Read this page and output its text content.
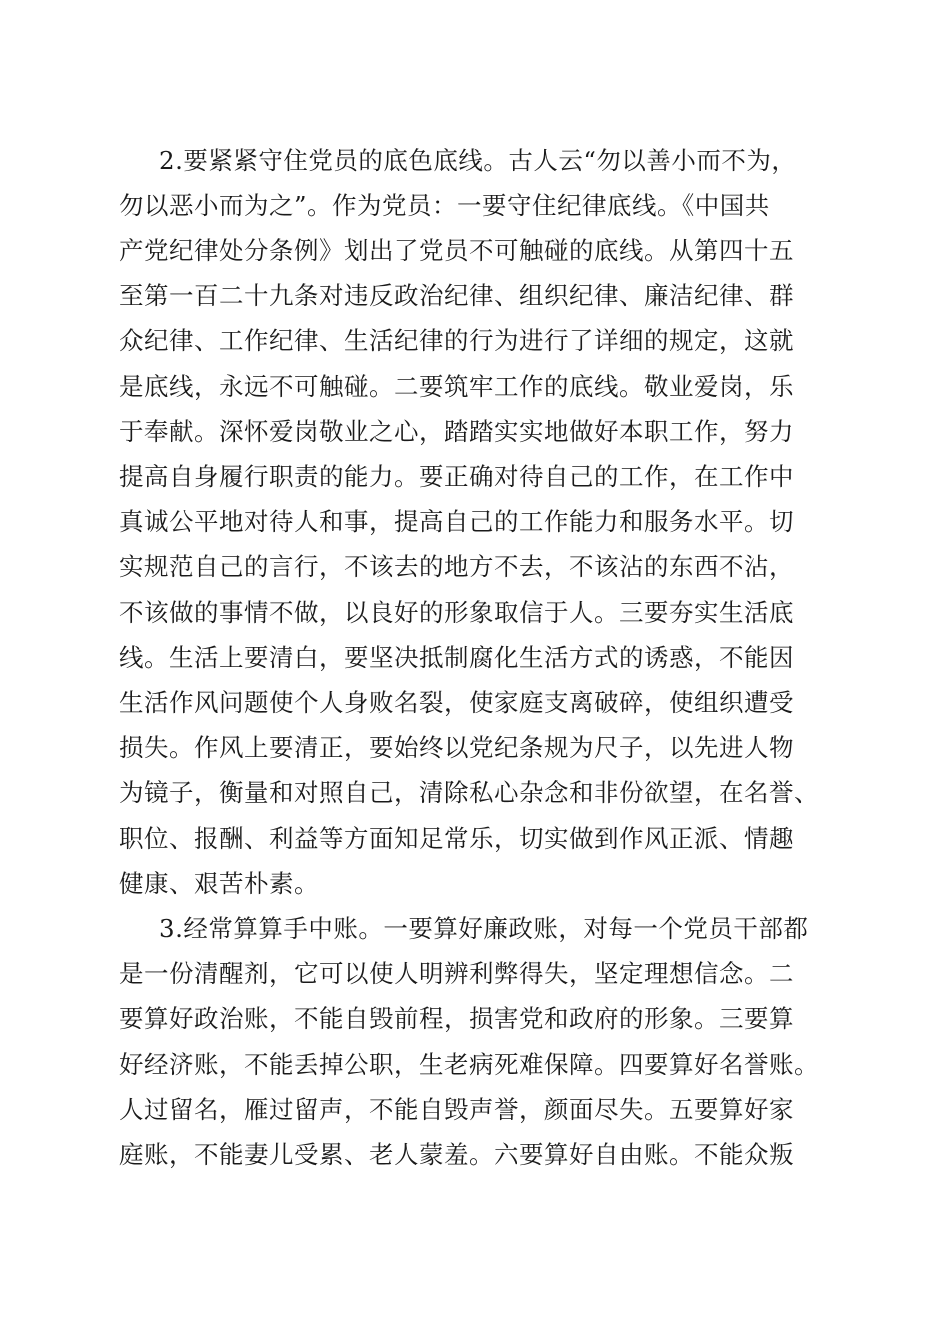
2.要紧紧守住党员的底色底线。古人云“勿以善小而不为，
勿以恶小而为之”。作为党员：一要守住纪律底线。《中国共
产党纪律处分条例》划出了党员不可触碰的底线。从第四十五
至第一百二十九条对违反政治纪律、组织纪律、廉洁纪律、群
众纪律、工作纪律、生活纪律的行为进行了详细的规定，这就
是底线，永远不可触碰。二要筑牢工作的底线。敬业爱岗，乐
于奉献。深怀爱岗敬业之心，踏踏实实地做好本职工作，努力
提高自身履行职责的能力。要正确对待自己的工作，在工作中
真诚公平地对待人和事，提高自己的工作能力和服务水平。切
实规范自己的言行，不该去的地方不去，不该沾的东西不沾，
不该做的事情不做，以良好的形象取信于人。三要夯实生活底
线。生活上要清白，要坚决抵制腐化生活方式的诱惑，不能因
生活作风问题使个人身败名裂，使家庭支离破碎，使组织遭受
损失。作风上要清正，要始终以党纪条规为尺子，以先进人物
为镜子，衡量和对照自己，清除私心杂念和非份欲望，在名誉、
职位、报酬、利益等方面知足常乐，切实做到作风正派、情趣
健康、艰苦朴素。
3.经常算算手中账。一要算好廉政账，对每一个党员干部都
是一份清醒剂，它可以使人明辨利弊得失，坚定理想信念。二
要算好政治账，不能自毁前程，损害党和政府的形象。三要算
好经济账，不能丢掉公职，生老病死难保障。四要算好名誉账。
人过留名，雁过留声，不能自毁声誉，颜面尽失。五要算好家
庭账，不能妻儿受累、老人蒙羞。六要算好自由账。不能众叛
